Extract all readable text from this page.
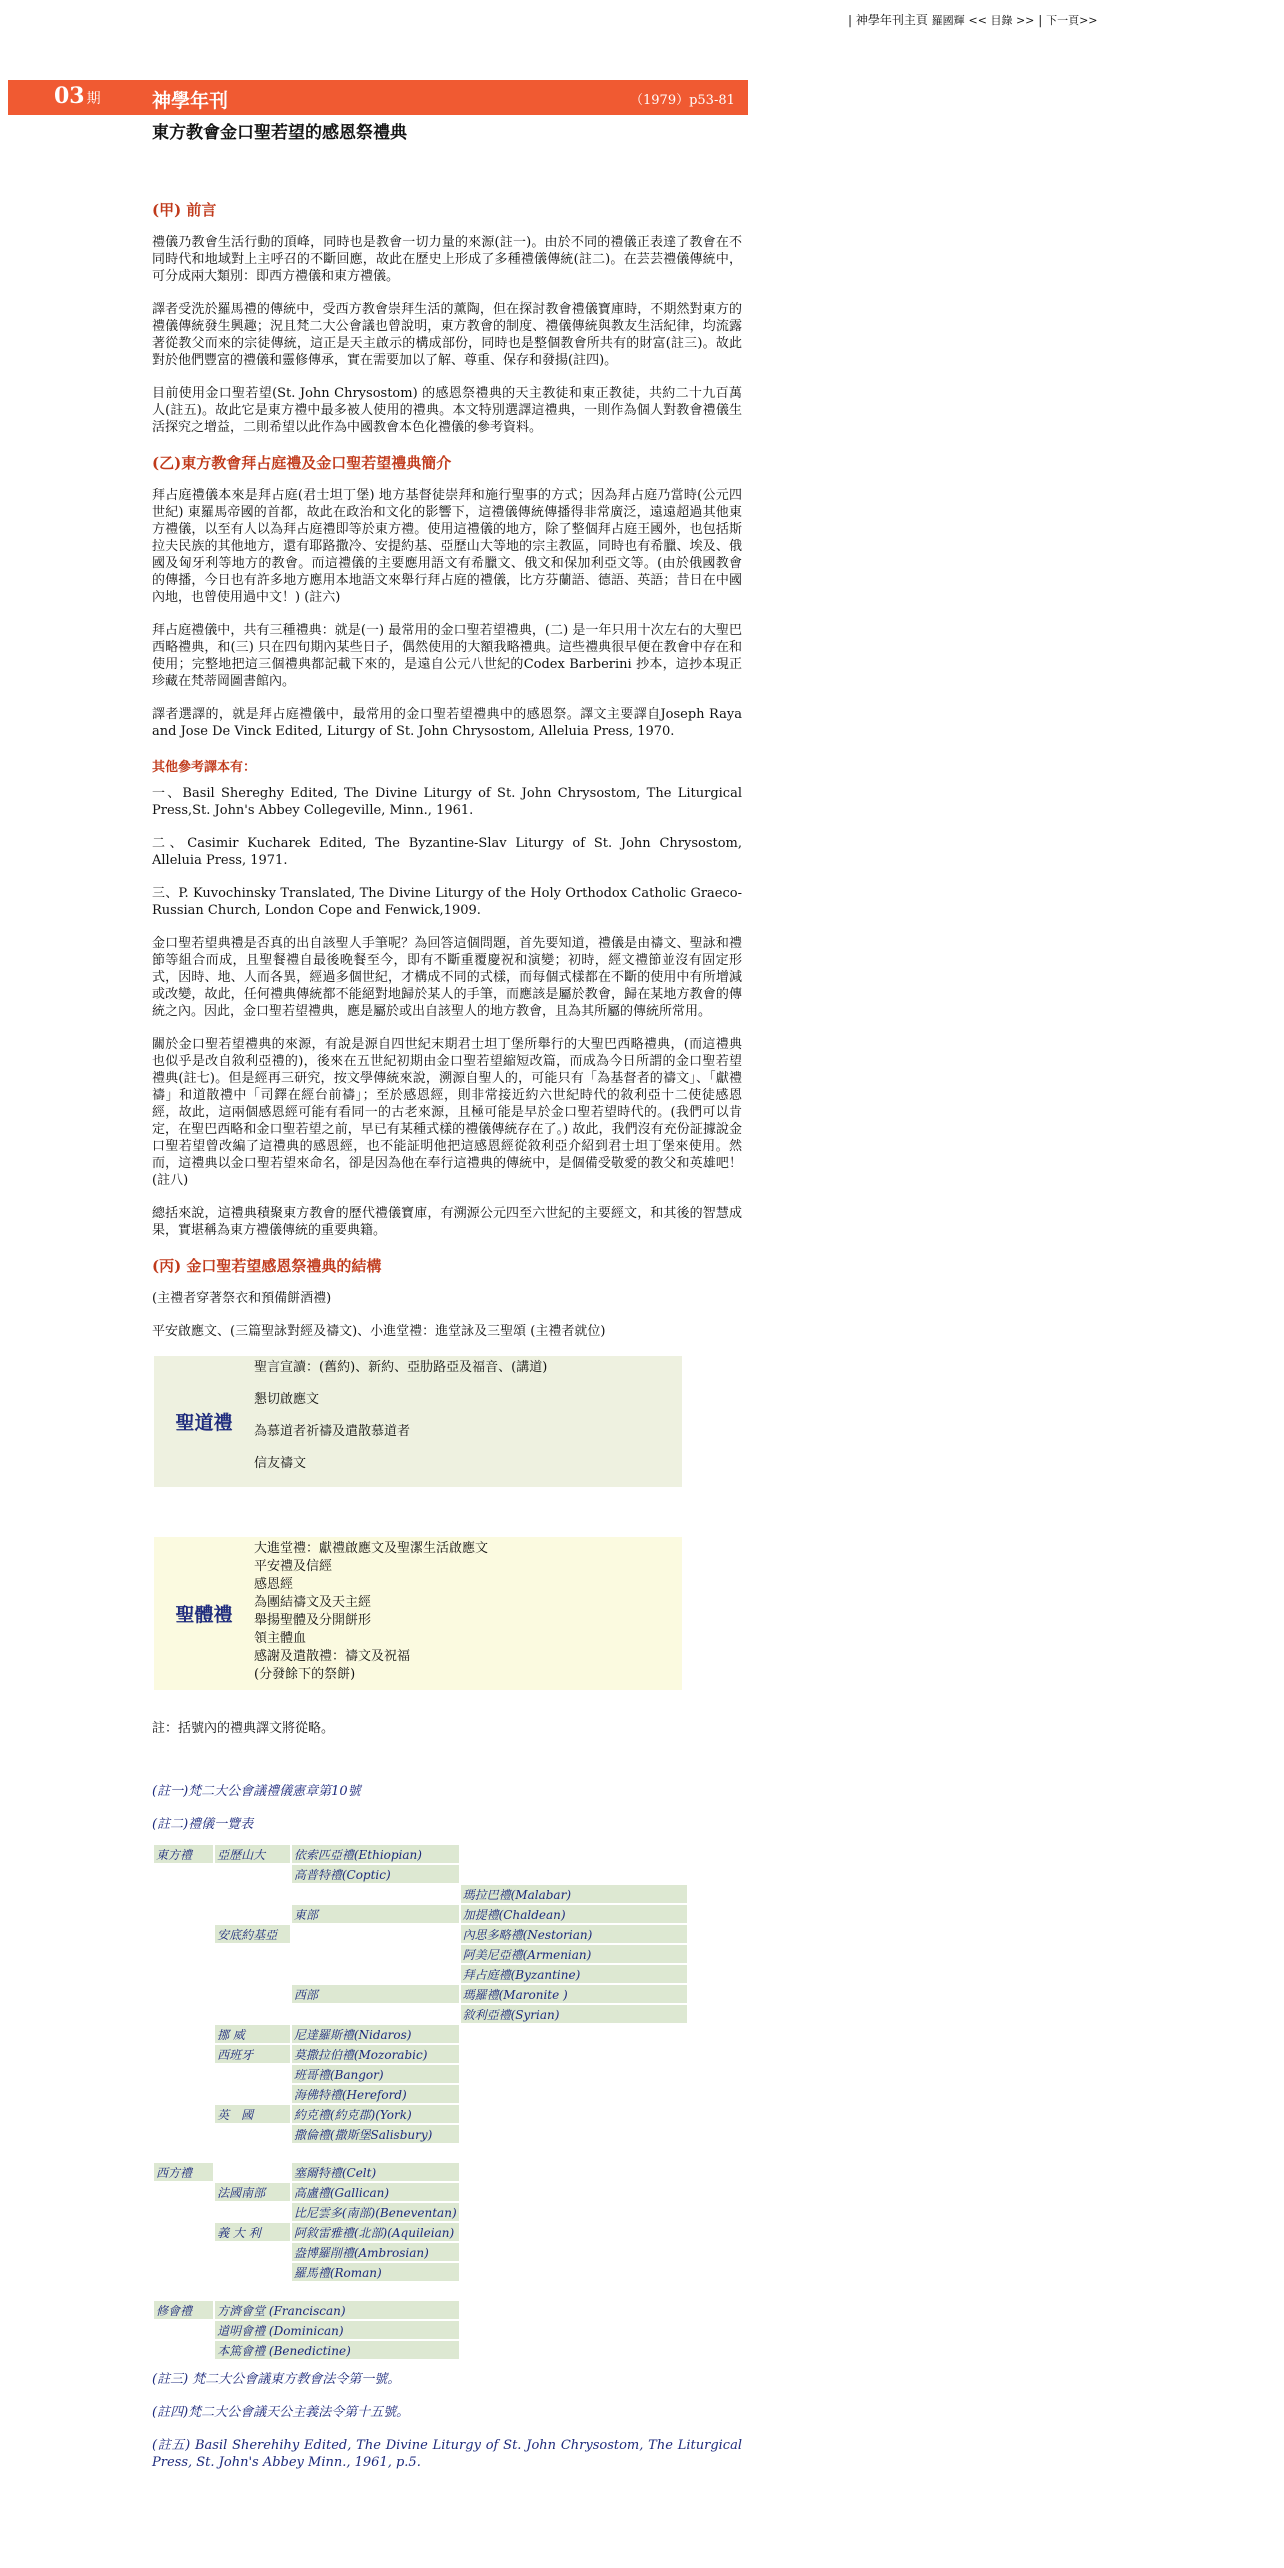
| 神學年刊主頁 羅國輝 << 目錄 >> | 下一頁>>
03 期	神學年刊	（1979）p53-81
東方教會金口聖若望的感恩祭禮典
(甲) 前言

禮儀乃教會生活行動的頂峰，同時也是教會一切力量的來源(註一)。由於不同的禮儀正表達了教會在不同時代和地域對上主呼召的不斷回應，故此在歷史上形成了多種禮儀傳統(註二)。在芸芸禮儀傳統中，可分成兩大類別：即西方禮儀和東方禮儀。

譯者受洗於羅馬禮的傳統中，受西方教會崇拜生活的薰陶，但在探討教會禮儀寶庫時，不期然對東方的禮儀傳統發生興趣；況且梵二大公會議也曾說明，東方教會的制度、禮儀傳統與教友生活紀律，均流露著從教父而來的宗徒傳統，這正是天主啟示的構成部份，同時也是整個教會所共有的財富(註三)。故此對於他們豐富的禮儀和靈修傳承，實在需要加以了解、尊重、保存和發揚(註四)。

目前使用金口聖若望(St. John Chrysostom) 的感恩祭禮典的天主教徒和東正教徒，共約二十九百萬人(註五)。故此它是東方禮中最多被人使用的禮典。本文特別選譯這禮典，一則作為個人對教會禮儀生活探究之增益，二則希望以此作為中國教會本色化禮儀的參考資料。

(乙)東方教會拜占庭禮及金口聖若望禮典簡介

拜占庭禮儀本來是拜占庭(君士坦丁堡) 地方基督徒崇拜和施行聖事的方式；因為拜占庭乃當時(公元四世紀) 東羅馬帝國的首都，故此在政治和文化的影響下，這禮儀傳統傳播得非常廣泛，遠遠超過其他東方禮儀，以至有人以為拜占庭禮即等於東方禮。使用這禮儀的地方，除了整個拜占庭王國外，也包括斯拉夫民族的其他地方，還有耶路撒冷、安提約基、亞歷山大等地的宗主教區，同時也有希臘、埃及、俄國及匈牙利等地方的教會。而這禮儀的主要應用語文有希臘文、俄文和保加利亞文等。(由於俄國教會的傳播，今日也有許多地方應用本地語文來舉行拜占庭的禮儀，比方芬蘭語、德語、英語；昔日在中國內地，也曾使用過中文！) (註六)

拜占庭禮儀中，共有三種禮典：就是(一) 最常用的金口聖若望禮典，(二) 是一年只用十次左右的大聖巴西略禮典，和(三) 只在四旬期內某些日子，偶然使用的大額我略禮典。這些禮典很早便在教會中存在和使用；完整地把這三個禮典都記載下來的，是遠自公元八世紀的Codex Barberini 抄本，這抄本現正珍藏在梵蒂岡圖書館內。

譯者選譯的，就是拜占庭禮儀中，最常用的金口聖若望禮典中的感恩祭。譯文主要譯自Joseph Raya and Jose De Vinck Edited, Liturgy of St. John Chrysostom, Alleluia Press, 1970.

其他參考譯本有：

一、Basil Shereghy Edited, The Divine Liturgy of St. John Chrysostom, The Liturgical Press,St. John's Abbey Collegeville, Minn., 1961.

二、Casimir Kucharek Edited, The Byzantine-Slav Liturgy of St. John Chrysostom, Alleluia Press, 1971.

三、P. Kuvochinsky Translated, The Divine Liturgy of the Holy Orthodox Catholic Graeco-Russian Church, London Cope and Fenwick,1909.

金口聖若望典禮是否真的出自該聖人手筆呢？為回答這個問題，首先要知道，禮儀是由禱文、聖詠和禮節等組合而成，且聖餐禮自最後晚餐至今，即有不斷重覆慶祝和演變；初時，經文禮節並沒有固定形式，因時、地、人而各異，經過多個世紀，才構成不同的式樣，而每個式樣都在不斷的使用中有所增減或改變，故此，任何禮典傳統都不能絕對地歸於某人的手筆，而應該是屬於教會，歸在某地方教會的傳統之內。因此，金口聖若望禮典，應是屬於或出自該聖人的地方教會，且為其所屬的傳統所常用。

關於金口聖若望禮典的來源，有說是源自四世紀末期君士坦丁堡所舉行的大聖巴西略禮典，(而這禮典也似乎是改自敘利亞禮的)，後來在五世紀初期由金口聖若望縮短改篇，而成為今日所謂的金口聖若望禮典(註七)。但是經再三研究，按文學傳統來說，溯源自聖人的，可能只有「為基督者的禱文」、「獻禮禱」和道散禮中「司鐸在經台前禱」；至於感恩經，則非常接近約六世紀時代的敘利亞十二使徒感恩經，故此，這兩個感恩經可能有看同一的古老來源，且極可能是早於金口聖若望時代的。(我們可以肯定，在聖巴西略和金口聖若望之前，早已有某種式樣的禮儀傳統存在了。) 故此，我們沒有充份証據說金口聖若望曾改編了這禮典的感恩經，也不能証明他把這感恩經從敘利亞介紹到君士坦丁堡來使用。然而，這禮典以金口聖若望來命名，卻是因為他在奉行這禮典的傳統中，是個備受敬愛的教父和英雄吧！(註八)

總括來說，這禮典積聚東方教會的歷代禮儀寶庫，有溯源公元四至六世紀的主要經文，和其後的智慧成果，實堪稱為東方禮儀傳統的重要典籍。

(丙) 金口聖若望感恩祭禮典的結構

(主禮者穿著祭衣和預備餅酒禮)

平安啟應文、(三篇聖詠對經及禱文)、小進堂禮：進堂詠及三聖頌 (主禮者就位)

聖道禮
聖言宣讀：(舊約)、新約、亞肋路亞及福音、(講道)
懇切啟應文
為慕道者祈禱及遣散慕道者
信友禱文
聖體禮
大進堂禮：獻禮啟應文及聖潔生活啟應文
平安禮及信經
感恩經
為團結禱文及天主經
舉揚聖體及分開餅形
領主體血
感謝及遣散禮：禱文及祝福
(分發餘下的祭餅)

註：括號內的禮典譯文將從略。

(註一)梵二大公會議禮儀憲章第10號

(註二)禮儀一覽表

東方禮	亞歷山大	依索匹亞禮(Ethiopian)	
		高普特禮(Coptic)	
			瑪拉巴禮(Malabar)
		東部	加提禮(Chaldean)
	安底約基亞		內思多略禮(Nestorian)
			阿美尼亞禮(Armenian)
			拜占庭禮(Byzantine)
		西部	瑪羅禮(Maronite )
			敘利亞禮(Syrian)
	挪 威	尼達羅斯禮(Nidaros)	
	西班牙	莫撒拉伯禮(Mozorabic)	
		班哥禮(Bangor)	
		海佛特禮(Hereford)	
	英　國	約克禮(約克郡)(York)	
		撒倫禮(撒斯堡Salisbury)	

西方禮		塞爾特禮(Celt)	
	法國南部	高盧禮(Gallican)	
		比尼雲多(南部)(Beneventan)	
	義 大 利	阿敘雷雅禮(北部)(Aquileian)	
		盎博羅削禮(Ambrosian)	
		羅馬禮(Roman)	

修會禮	方濟會堂 (Franciscan)		
	道明會禮 (Dominican)		
	本篤會禮 (Benedictine)		

(註三) 梵二大公會議東方教會法令第一號。

(註四)梵二大公會議天公主義法令第十五號。

(註五) Basil Sherehihy Edited, The Divine Liturgy of St. John Chrysostom, The Liturgical Press, St. John's Abbey Minn., 1961, p.5.
